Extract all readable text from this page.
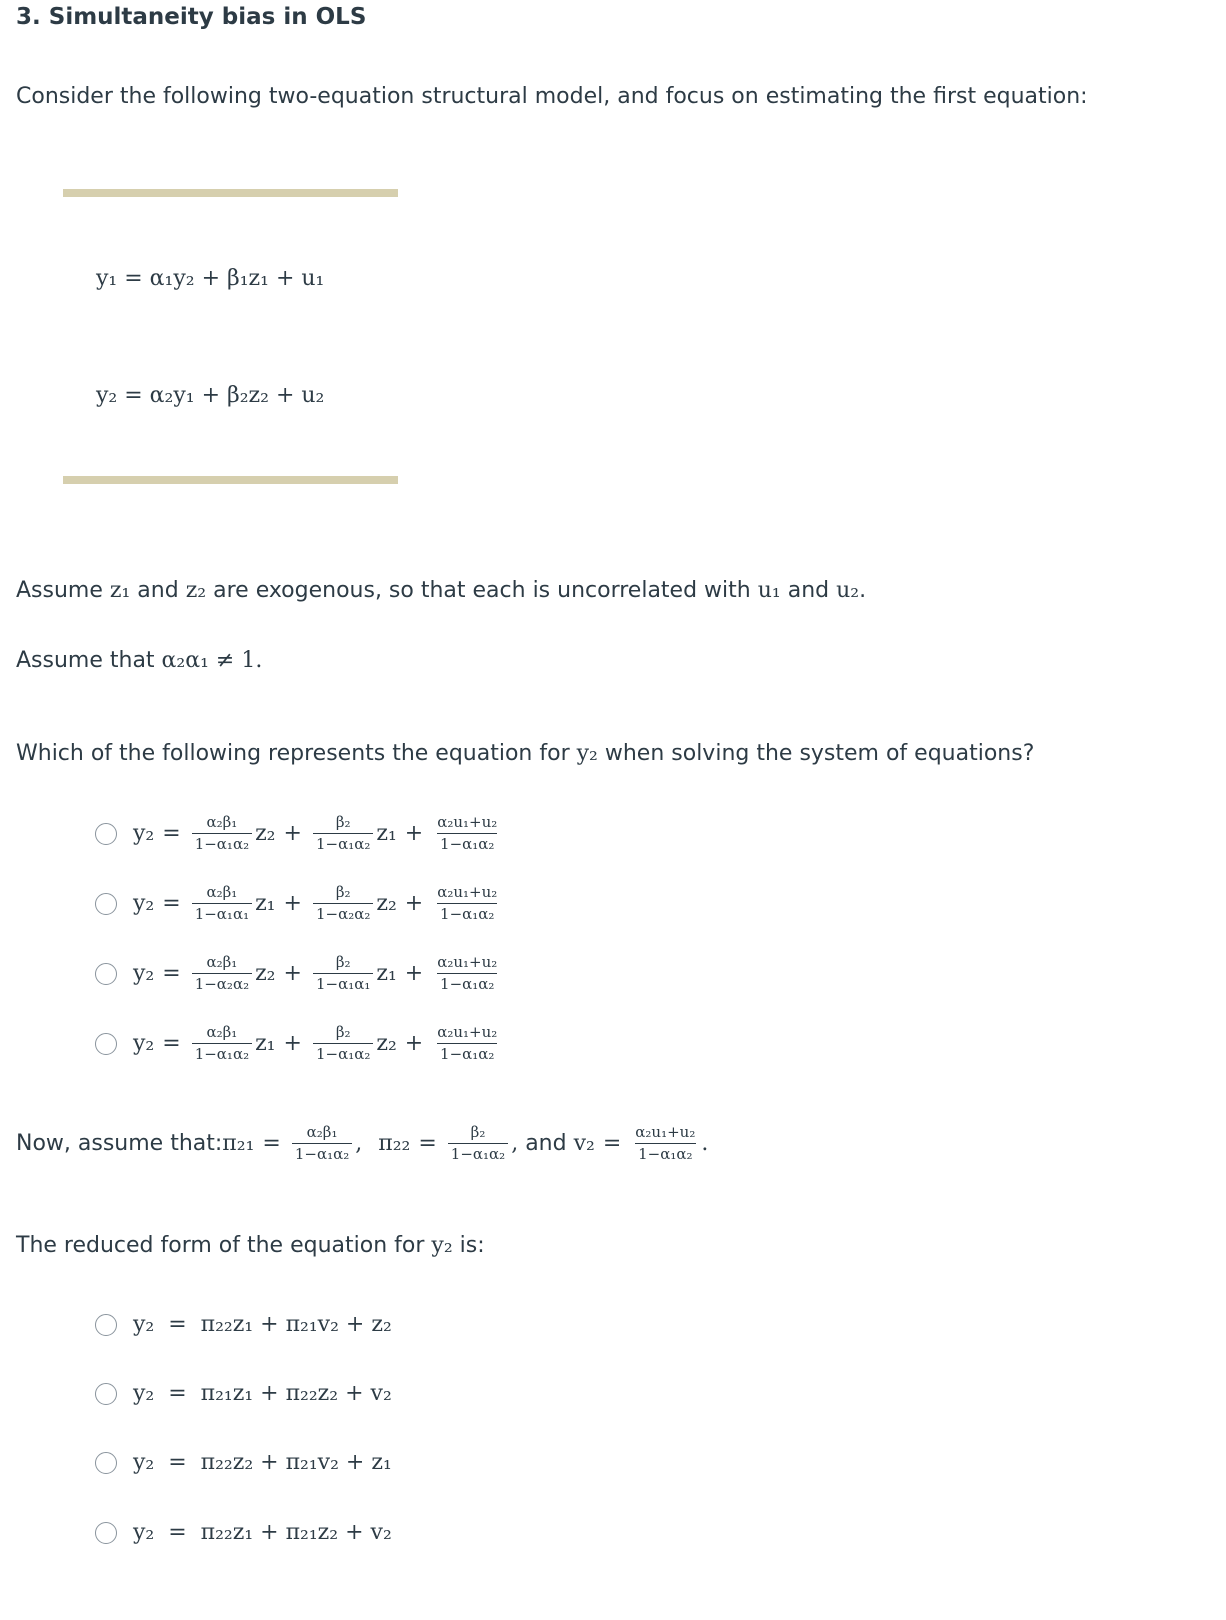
3. Simultaneity bias in OLS
Consider the following two-equation structural model, and focus on estimating the first equation:
y₁ = α₁y₂ + β₁z₁ + u₁
y₂ = α₂y₁ + β₂z₂ + u₂
Assume z₁ and z₂ are exogenous, so that each is uncorrelated with u₁ and u₂.
Assume that α₂α₁ ≠ 1.
Which of the following represents the equation for y₂ when solving the system of equations?
$y_2 = \frac{\text{α₂β₁}}{\text{1−α₁α₂}} z_2 + \frac{\text{β₂}}{\text{1−α₁α₂}} z_1 + \frac{\text{α₂u₁+u₂}}{\text{1−α₁α₂}}$
$y_2 = \frac{\text{α₂β₁}}{\text{1−α₁α₁}} z_1 + \frac{\text{β₂}}{\text{1−α₂α₂}} z_2 + \frac{\text{α₂u₁+u₂}}{\text{1−α₁α₂}}$
$y_2 = \frac{\text{α₂β₁}}{\text{1−α₂α₂}} z_2 + \frac{\text{β₂}}{\text{1−α₁α₁}} z_1 + \frac{\text{α₂u₁+u₂}}{\text{1−α₁α₂}}$
$y_2 = \frac{\text{α₂β₁}}{\text{1−α₁α₂}} z_1 + \frac{\text{β₂}}{\text{1−α₁α₂}} z_2 + \frac{\text{α₂u₁+u₂}}{\text{1−α₁α₂}}$
Now, assume that: $\pi_{21} = \frac{\text{α₂β₁}}{\text{1−α₁α₂}}$ , $\pi_{22} = \frac{\text{β₂}}{\text{1−α₁α₂}}$ , and $v_2 = \frac{\text{α₂u₁+u₂}}{\text{1−α₁α₂}}$ .
The reduced form of the equation for y₂ is:
y₂  =  π₂₂z₁ + π₂₁v₂ + z₂
y₂  =  π₂₁z₁ + π₂₂z₂ + v₂
y₂  =  π₂₂z₂ + π₂₁v₂ + z₁
y₂  =  π₂₂z₁ + π₂₁z₂ + v₂
